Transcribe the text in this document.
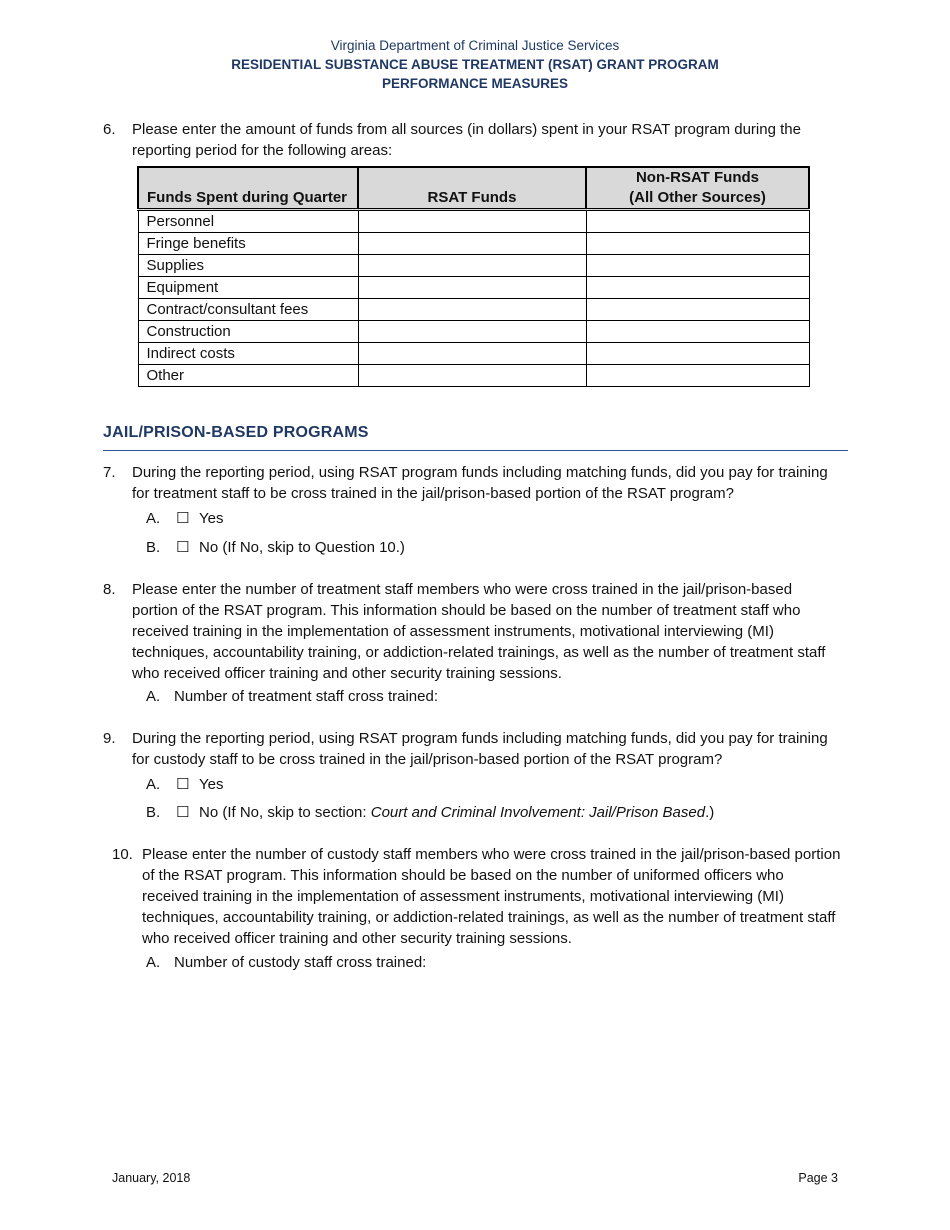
Virginia Department of Criminal Justice Services
RESIDENTIAL SUBSTANCE ABUSE TREATMENT (RSAT) GRANT PROGRAM
PERFORMANCE MEASURES
6. Please enter the amount of funds from all sources (in dollars) spent in your RSAT program during the reporting period for the following areas:
Funds Spent during Quarter	RSAT Funds	Non-RSAT Funds
(All Other Sources)

Personnel		
Fringe benefits		
Supplies		
Equipment		
Contract/consultant fees		
Construction		
Indirect costs		
Other		
JAIL/PRISON-BASED PROGRAMS
7. During the reporting period, using RSAT program funds including matching funds, did you pay for training for treatment staff to be cross trained in the jail/prison-based portion of the RSAT program?
A. ☐ Yes
B. ☐ No (If No, skip to Question 10.)
8. Please enter the number of treatment staff members who were cross trained in the jail/prison-based portion of the RSAT program. This information should be based on the number of treatment staff who received training in the implementation of assessment instruments, motivational interviewing (MI) techniques, accountability training, or addiction-related trainings, as well as the number of treatment staff who received officer training and other security training sessions.
A. Number of treatment staff cross trained:
9. During the reporting period, using RSAT program funds including matching funds, did you pay for training for custody staff to be cross trained in the jail/prison-based portion of the RSAT program?
A. ☐ Yes
B. ☐ No (If No, skip to section: Court and Criminal Involvement: Jail/Prison Based.)
10. Please enter the number of custody staff members who were cross trained in the jail/prison-based portion of the RSAT program. This information should be based on the number of uniformed officers who received training in the implementation of assessment instruments, motivational interviewing (MI) techniques, accountability training, or addiction-related trainings, as well as the number of treatment staff who received officer training and other security training sessions.
A. Number of custody staff cross trained:
January, 2018	Page 3
